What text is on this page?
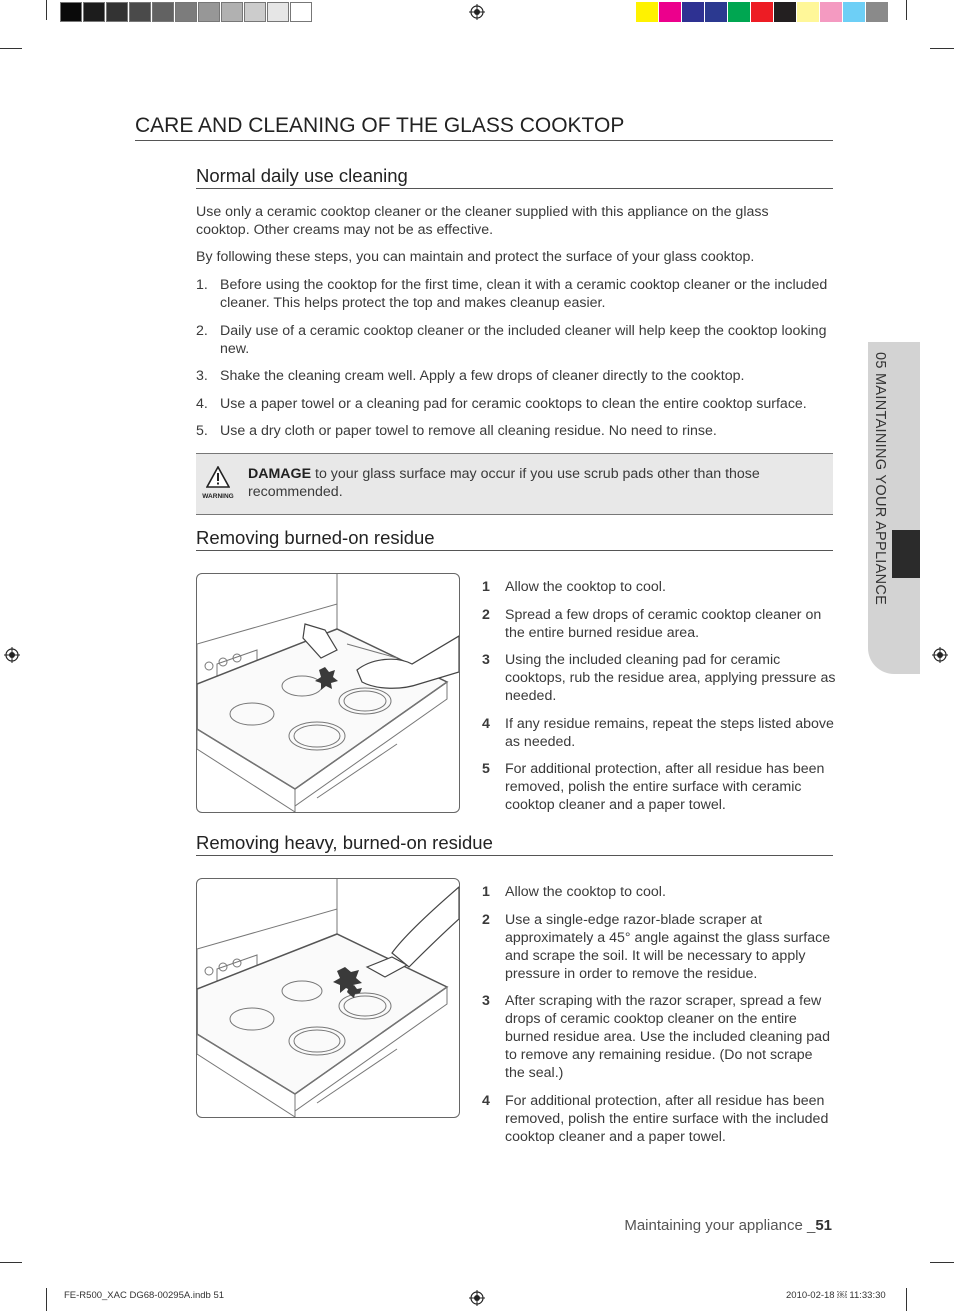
CARE AND CLEANING OF THE GLASS COOKTOP
Normal daily use cleaning
Use only a ceramic cooktop cleaner or the cleaner supplied with this appliance on the glass cooktop. Other creams may not be as effective.
By following these steps, you can maintain and protect the surface of your glass cooktop.
1. Before using the cooktop for the first time, clean it with a ceramic cooktop cleaner or the included cleaner. This helps protect the top and makes cleanup easier.
2. Daily use of a ceramic cooktop cleaner or the included cleaner will help keep the cooktop looking new.
3. Shake the cleaning cream well. Apply a few drops of cleaner directly to the cooktop.
4. Use a paper towel or a cleaning pad for ceramic cooktops to clean the entire cooktop surface.
5. Use a dry cloth or paper towel to remove all cleaning residue. No need to rinse.
WARNING
DAMAGE to your glass surface may occur if you use scrub pads other than those recommended.
Removing burned-on residue
1 Allow the cooktop to cool.
2 Spread a few drops of ceramic cooktop cleaner on the entire burned residue area.
3 Using the included cleaning pad for ceramic cooktops, rub the residue area, applying pressure as needed.
4 If any residue remains, repeat the steps listed above as needed.
5 For additional protection, after all residue has been removed, polish the entire surface with ceramic cooktop cleaner and a paper towel.
Removing heavy, burned-on residue
1 Allow the cooktop to cool.
2 Use a single-edge razor-blade scraper at approximately a 45° angle against the glass surface and scrape the soil. It will be necessary to apply pressure in order to remove the residue.
3 After scraping with the razor scraper, spread a few drops of ceramic cooktop cleaner on the entire burned residue area. Use the included cleaning pad to remove any remaining residue. (Do not scrape the seal.)
4 For additional protection, after all residue has been removed, polish the entire surface with the included cooktop cleaner and a paper towel.
05 MAINTAINING YOUR APPLIANCE
Maintaining your appliance _51
FE-R500_XAC DG68-00295A.indb 51	2010-02-18 ￼ 11:33:30
